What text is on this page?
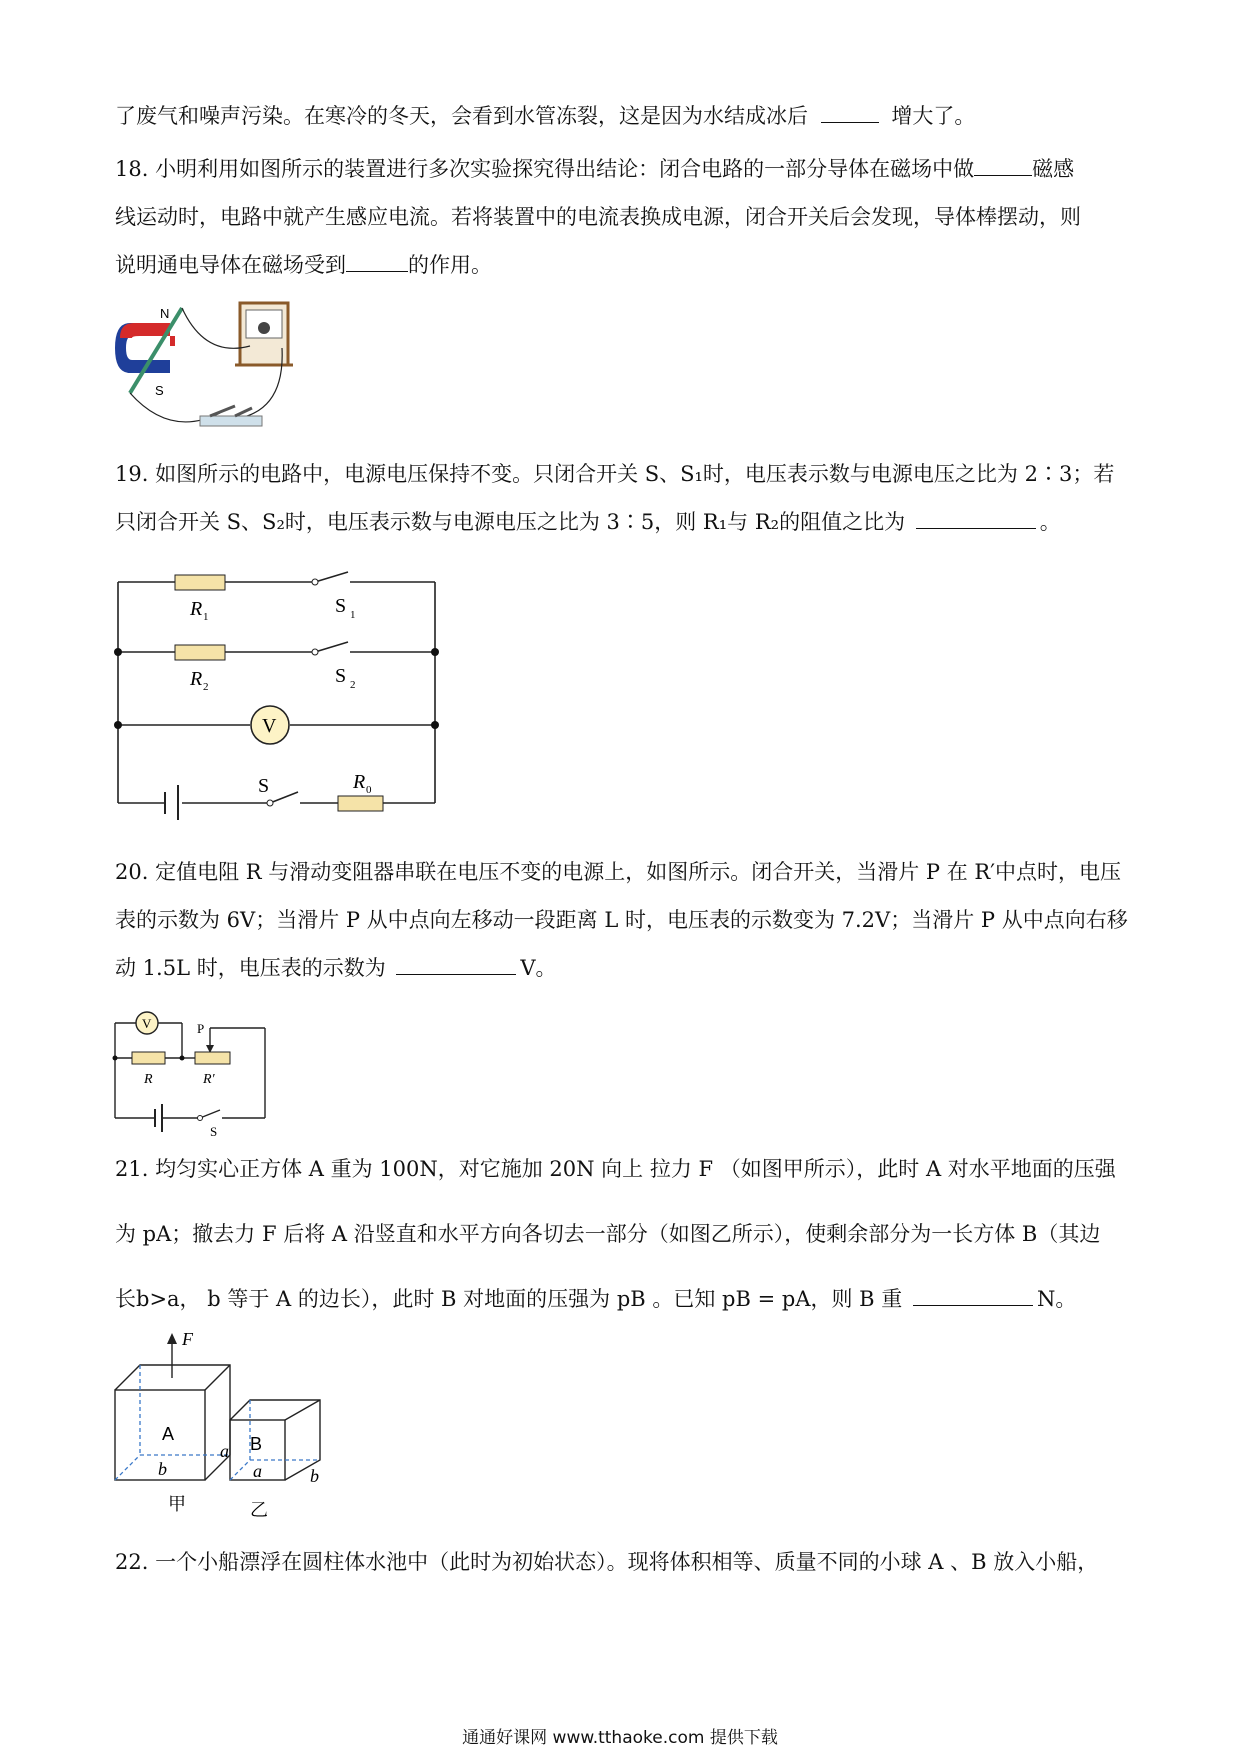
了废气和噪声污染。在寒冷的冬天，会看到水管冻裂，这是因为水结成冰后	增大了。
18. 小明利用如图所示的装置进行多次实验探究得出结论：闭合电路的一部分导体在磁场中做	磁感
线运动时，电路中就产生感应电流。若将装置中的电流表换成电源，闭合开关后会发现，导体棒摆动，则
说明通电导体在磁场受到	的作用。
N
S
19. 如图所示的电路中，电源电压保持不变。只闭合开关 S、S₁时，电压表示数与电源电压之比为 2∶3；若
只闭合开关 S、S₂时，电压表示数与电源电压之比为 3∶5，则 R₁与 R₂的阻值之比为	。
V
R 1	S 1
R 2	S 2
S	R 0
20. 定值电阻 R 与滑动变阻器串联在电压不变的电源上，如图所示。闭合开关，当滑片 P 在 R′中点时，电压
表的示数为 6V；当滑片 P 从中点向左移动一段距离 L 时，电压表的示数变为 7.2V；当滑片 P 从中点向右移
动 1.5L 时，电压表的示数为	V。
V	P
R	R′
S
21. 均匀实心正方体 A 重为 100N，对它施加 20N 向上 拉力 F （如图甲所示），此时 A 对水平地面的压强
为 pA；撤去力 F 后将 A 沿竖直和水平方向各切去一部分（如图乙所示），使剩余部分为一长方体 B（其边
长b>a， b 等于 A 的边长），此时 B 对地面的压强为 pB 。已知 pB = pA，则 B 重	N。
F
A
b
甲
a B
a	b
乙
22. 一个小船漂浮在圆柱体水池中（此时为初始状态）。现将体积相等、质量不同的小球 A 、B 放入小船，
通通好课网 www.tthaoke.com 提供下载
